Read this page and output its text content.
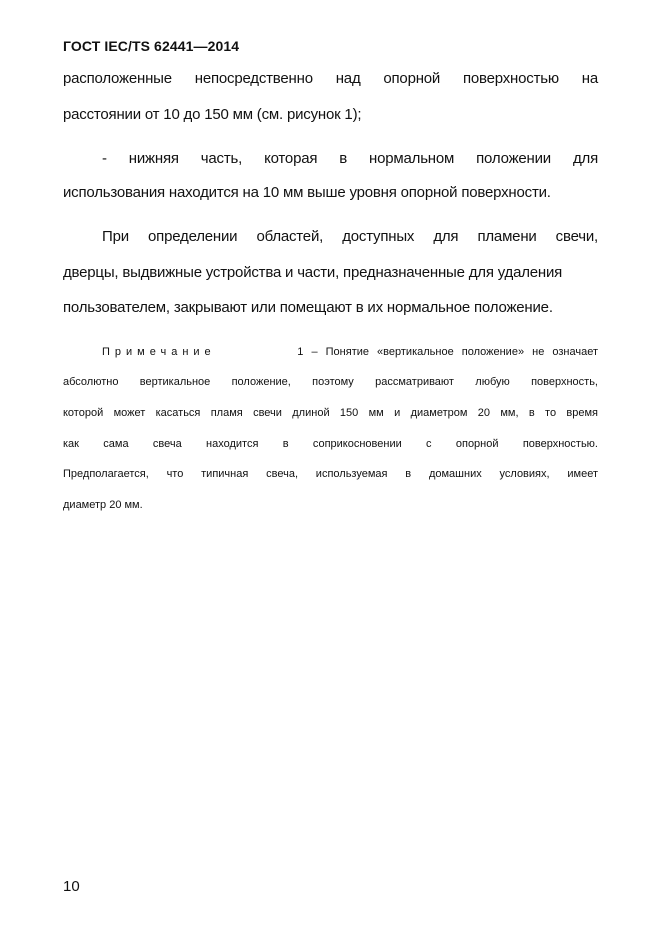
ГОСТ IEC/TS 62441—2014
расположенные непосредственно над опорной поверхностью на
расстоянии от 10 до 150 мм (см. рисунок 1);
- нижняя часть, которая в нормальном положении для
использования находится на 10 мм выше уровня опорной поверхности.
При определении областей, доступных для пламени свечи,
дверцы, выдвижные устройства и части, предназначенные для удаления
пользователем, закрывают или помещают в их нормальное положение.
Примечание	1 – Понятие «вертикальное положение» не означает
абсолютно вертикальное положение, поэтому рассматривают любую поверхность,
которой может касаться пламя свечи длиной 150 мм и диаметром 20 мм, в то время
как сама свеча находится в соприкосновении с опорной поверхностью.
Предполагается, что типичная свеча, используемая в домашних условиях, имеет
диаметр 20 мм.
10
